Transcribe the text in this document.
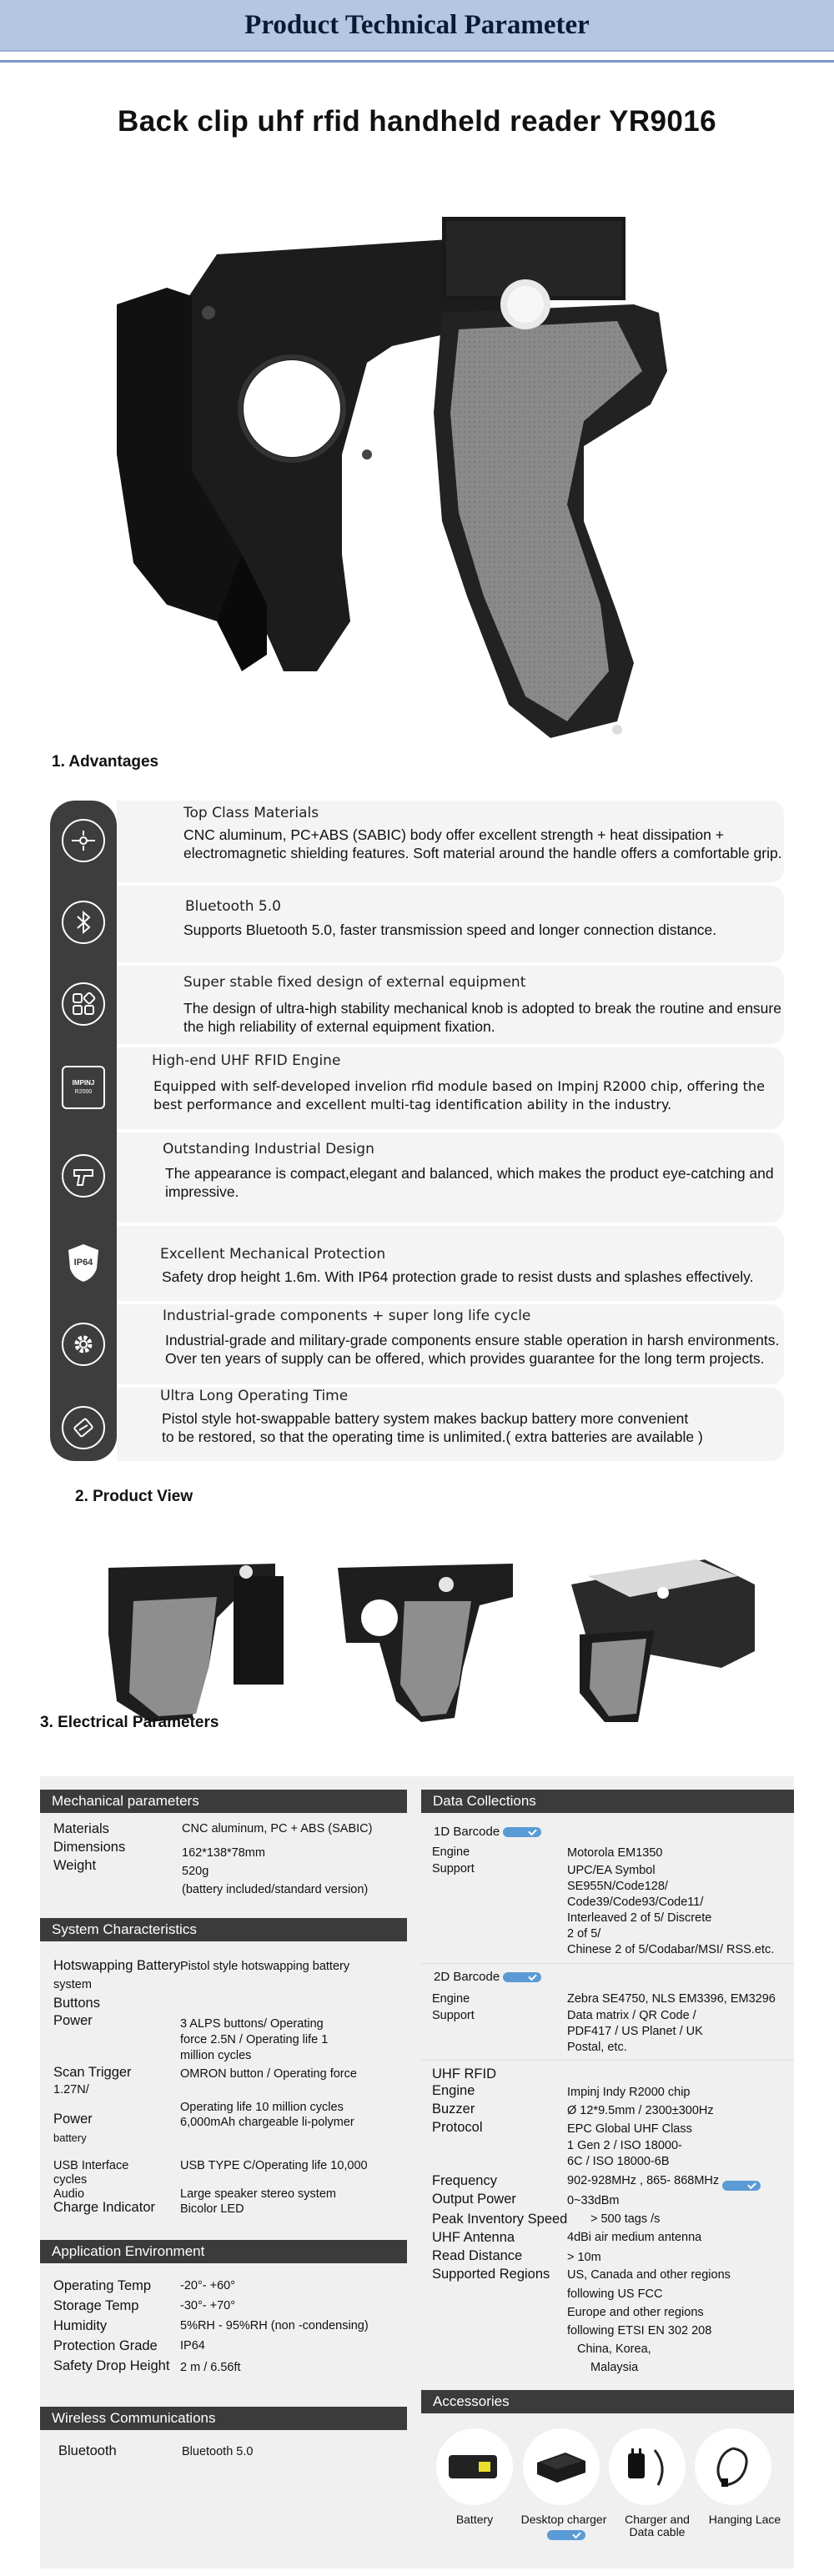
Product Technical Parameter
Back clip uhf rfid handheld reader YR9016
1. Advantages
Top Class Materials
CNC aluminum, PC+ABS (SABIC) body offer excellent strength + heat dissipation + electromagnetic shielding features. Soft material around the handle offers a comfortable grip.
Bluetooth 5.0
Supports Bluetooth 5.0, faster transmission speed and longer connection distance.
Super stable fixed design of external equipment
The design of ultra-high stability mechanical knob is adopted to break the routine and ensure the high reliability of external equipment fixation.
IMPINJ
R2000
High-end UHF RFID Engine
Equipped with self-developed invelion rfid module based on Impinj R2000 chip, offering the best performance and excellent multi-tag identification ability in the industry.
Outstanding Industrial Design
The appearance is compact,elegant and balanced, which makes the product eye-catching and impressive.
IP64	Excellent Mechanical Protection
Safety drop height 1.6m. With IP64 protection grade to resist dusts and splashes effectively.
Industrial-grade components + super long life cycle
Industrial-grade and military-grade components ensure stable operation in harsh environments. Over ten years of supply can be offered, which provides guarantee for the long term projects.
Ultra Long Operating Time
Pistol style hot-swappable battery system makes backup battery more convenient to be restored, so that the operating time is unlimited.( extra batteries are available )
2. Product View
3. Electrical Parameters
Mechanical parameters
Materials	CNC aluminum, PC + ABS (SABIC)
Dimensions	162*138*78mm
Weight	520g
(battery included/standard version)
System Characteristics
Hotswapping Battery Pistol style hotswapping battery
system
Buttons
Power	3 ALPS buttons/ Operating
force 2.5N / Operating life 1
million cycles
Scan Trigger	OMRON button / Operating force
1.27N/
Operating life 10 million cycles
Power	6,000mAh chargeable li-polymer
battery
USB Interface	USB TYPE C/Operating life 10,000
cycles
Audio	Large speaker stereo system
Charge Indicator Bicolor LED
Application Environment
Operating Temp -20°- +60°
Storage Temp	-30°- +70°
Humidity	5%RH - 95%RH (non -condensing)
Protection Grade IP64
Safety Drop Height 2 m / 6.56ft
Wireless Communications
Bluetooth	Bluetooth 5.0
Data Collections
1D Barcode
Engine	Motorola EM1350
Support	UPC/EA Symbol
SE955N/Code128/
Code39/Code93/Code11/
Interleaved 2 of 5/ Discrete
2 of 5/
Chinese 2 of 5/Codabar/MSI/ RSS.etc.
2D Barcode
Engine	Zebra SE4750, NLS EM3396, EM3296
Support	Data matrix / QR Code /
PDF417 / US Planet / UK
Postal, etc.
UHF RFID
Engine	Impinj Indy R2000 chip
Buzzer	Ø 12*9.5mm / 2300±300Hz
Protocol	EPC Global UHF Class
1 Gen 2 / ISO 18000-
6C / ISO 18000-6B
Frequency	902-928MHz , 865- 868MHz
Output Power	0~33dBm
Peak Inventory Speed > 500 tags /s
UHF Antenna	4dBi air medium antenna
Read Distance	> 10m
Supported Regions US, Canada and other regions
following US FCC
Europe and other regions
following ETSI EN 302 208
China, Korea,
Malaysia
Accessories
Battery	Desktop charger	Charger and
Data cable
Hanging Lace
